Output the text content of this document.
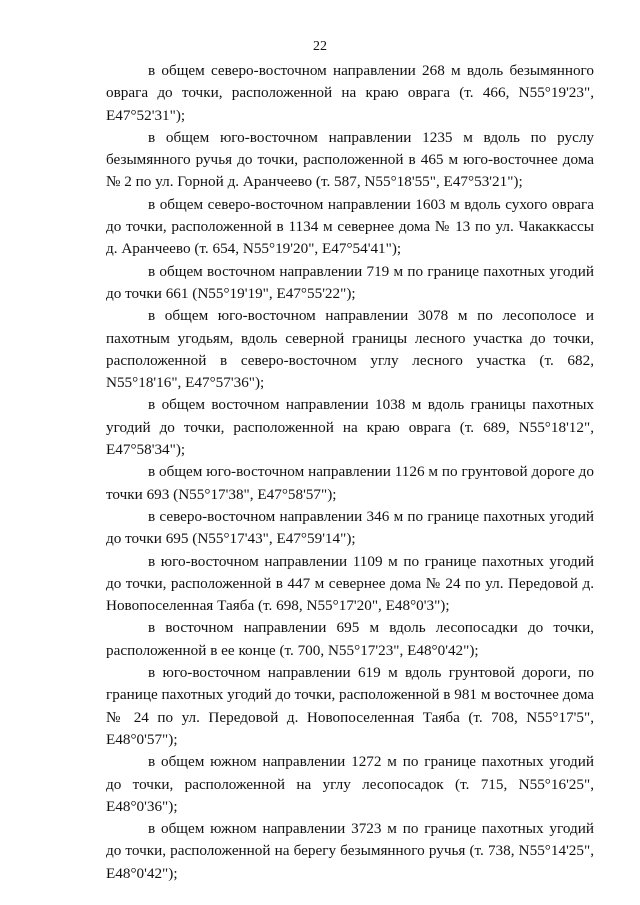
22

в общем северо-восточном направлении 268 м вдоль безымянного оврага до точки, расположенной на краю оврага (т. 466, N55°19'23", E47°52'31");

в общем юго-восточном направлении 1235 м вдоль по руслу безымянного ручья до точки, расположенной в 465 м юго-восточнее дома № 2 по ул. Горной д. Аранчеево (т. 587, N55°18'55", E47°53'21");

в общем северо-восточном направлении 1603 м вдоль сухого оврага до точки, расположенной в 1134 м севернее дома № 13 по ул. Чакаккассы д. Аранчеево (т. 654, N55°19'20", E47°54'41");

в общем восточном направлении 719 м по границе пахотных угодий до точки 661 (N55°19'19", E47°55'22");

в общем юго-восточном направлении 3078 м по лесополосе и пахотным угодьям, вдоль северной границы лесного участка до точки, расположенной в северо-восточном углу лесного участка (т. 682, N55°18'16", E47°57'36");

в общем восточном направлении 1038 м вдоль границы пахотных угодий до точки, расположенной на краю оврага (т. 689, N55°18'12", E47°58'34");

в общем юго-восточном направлении 1126 м по грунтовой дороге до точки 693 (N55°17'38", E47°58'57");

в северо-восточном направлении 346 м по границе пахотных угодий до точки 695 (N55°17'43", E47°59'14");

в юго-восточном направлении 1109 м по границе пахотных угодий до точки, расположенной в 447 м севернее дома № 24 по ул. Передовой д. Новопоселенная Таяба (т. 698, N55°17'20", E48°0'3");

в восточном направлении 695 м вдоль лесопосадки до точки, расположенной в ее конце (т. 700, N55°17'23", E48°0'42");

в юго-восточном направлении 619 м вдоль грунтовой дороги, по границе пахотных угодий до точки, расположенной в 981 м восточнее дома № 24 по ул. Передовой д. Новопоселенная Таяба (т. 708, N55°17'5", E48°0'57");

в общем южном направлении 1272 м по границе пахотных угодий до точки, расположенной на углу лесопосадок (т. 715, N55°16'25", E48°0'36");

в общем южном направлении 3723 м по границе пахотных угодий до точки, расположенной на берегу безымянного ручья (т. 738, N55°14'25", E48°0'42");
